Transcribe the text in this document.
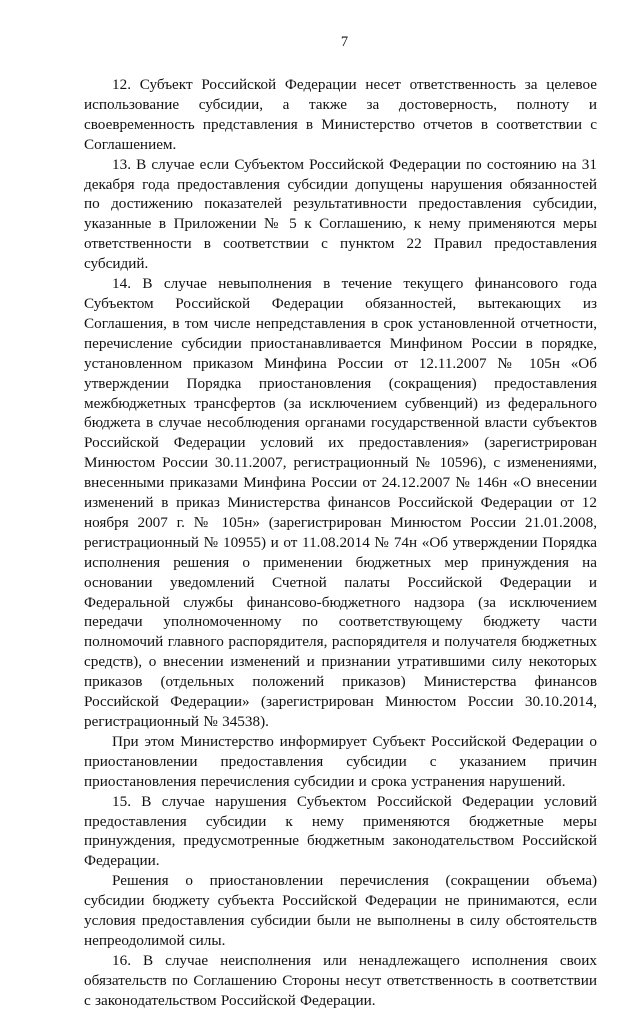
7

12. Субъект Российской Федерации несет ответственность за целевое использование субсидии, а также за достоверность, полноту и своевременность представления в Министерство отчетов в соответствии с Соглашением.

13. В случае если Субъектом Российской Федерации по состоянию на 31 декабря года предоставления субсидии допущены нарушения обязанностей по достижению показателей результативности предоставления субсидии, указанные в Приложении № 5 к Соглашению, к нему применяются меры ответственности в соответствии с пунктом 22 Правил предоставления субсидий.

14. В случае невыполнения в течение текущего финансового года Субъектом Российской Федерации обязанностей, вытекающих из Соглашения, в том числе непредставления в срок установленной отчетности, перечисление субсидии приостанавливается Минфином России в порядке, установленном приказом Минфина России от 12.11.2007 № 105н «Об утверждении Порядка приостановления (сокращения) предоставления межбюджетных трансфертов (за исключением субвенций) из федерального бюджета в случае несоблюдения органами государственной власти субъектов Российской Федерации условий их предоставления» (зарегистрирован Минюстом России 30.11.2007, регистрационный № 10596), с изменениями, внесенными приказами Минфина России от 24.12.2007 № 146н «О внесении изменений в приказ Министерства финансов Российской Федерации от 12 ноября 2007 г. № 105н» (зарегистрирован Минюстом России 21.01.2008, регистрационный № 10955) и от 11.08.2014 № 74н «Об утверждении Порядка исполнения решения о применении бюджетных мер принуждения на основании уведомлений Счетной палаты Российской Федерации и Федеральной службы финансово-бюджетного надзора (за исключением передачи уполномоченному по соответствующему бюджету части полномочий главного распорядителя, распорядителя и получателя бюджетных средств), о внесении изменений и признании утратившими силу некоторых приказов (отдельных положений приказов) Министерства финансов Российской Федерации» (зарегистрирован Минюстом России 30.10.2014, регистрационный № 34538).

При этом Министерство информирует Субъект Российской Федерации о приостановлении предоставления субсидии с указанием причин приостановления перечисления субсидии и срока устранения нарушений.

15. В случае нарушения Субъектом Российской Федерации условий предоставления субсидии к нему применяются бюджетные меры принуждения, предусмотренные бюджетным законодательством Российской Федерации.

Решения о приостановлении перечисления (сокращении объема) субсидии бюджету субъекта Российской Федерации не принимаются, если условия предоставления субсидии были не выполнены в силу обстоятельств непреодолимой силы.

16. В случае неисполнения или ненадлежащего исполнения своих обязательств по Соглашению Стороны несут ответственность в соответствии с законодательством Российской Федерации.
